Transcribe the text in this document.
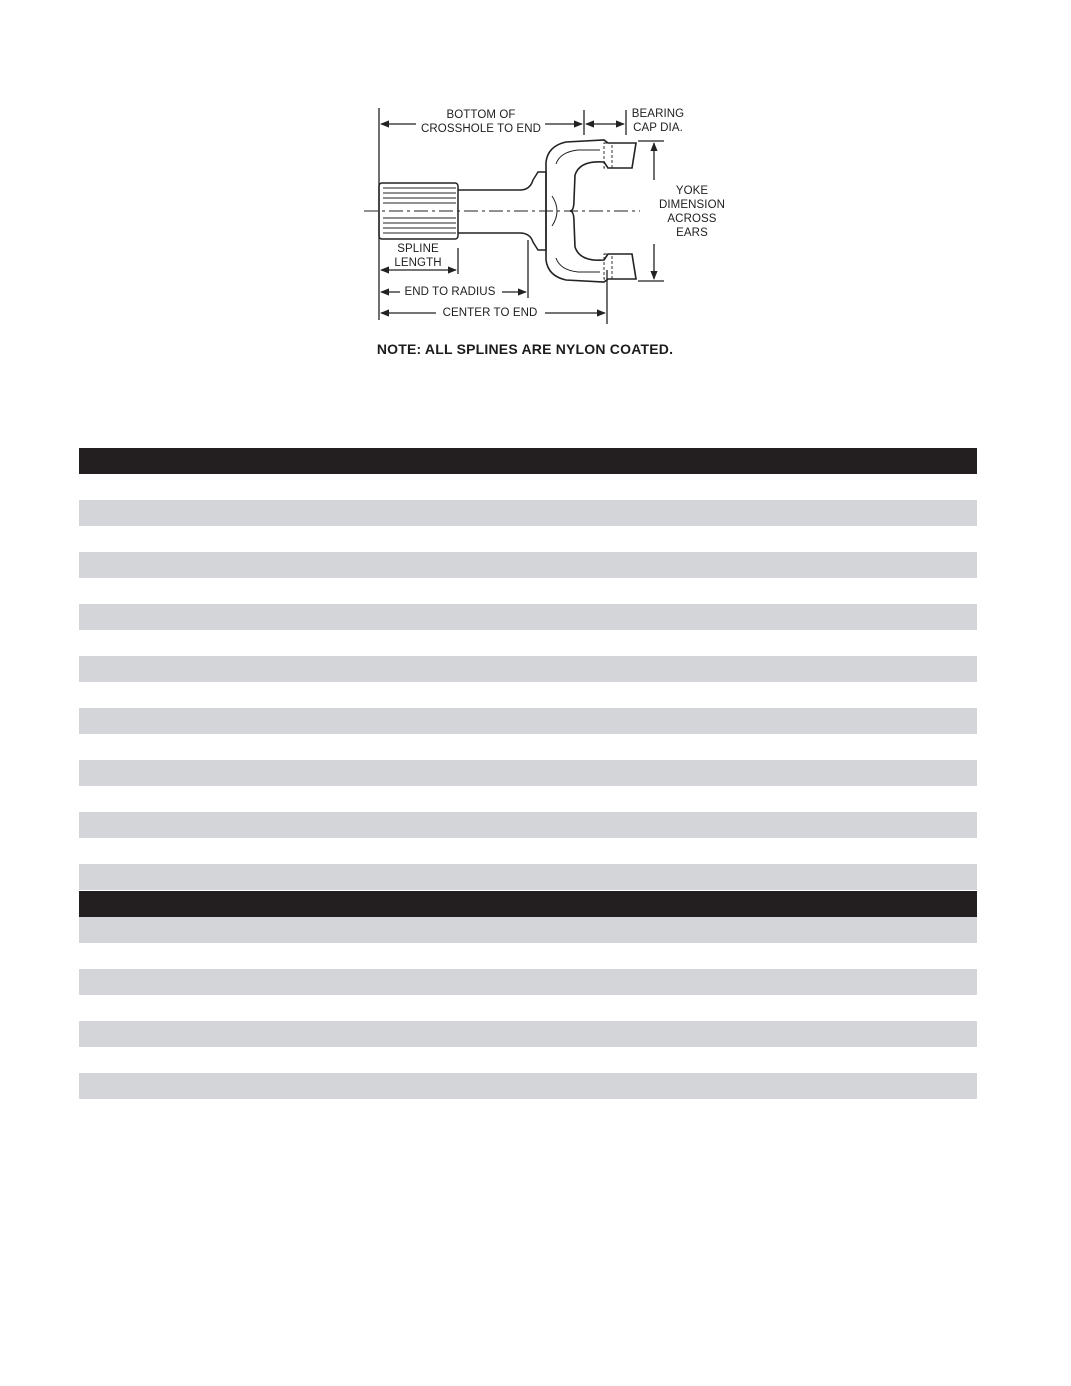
BOTTOM OF
CROSSHOLE TO END
BEARING
CAP DIA.
YOKE
DIMENSION
ACROSS
EARS
SPLINE
LENGTH
END TO RADIUS
CENTER TO END
NOTE: ALL SPLINES ARE NYLON COATED.
